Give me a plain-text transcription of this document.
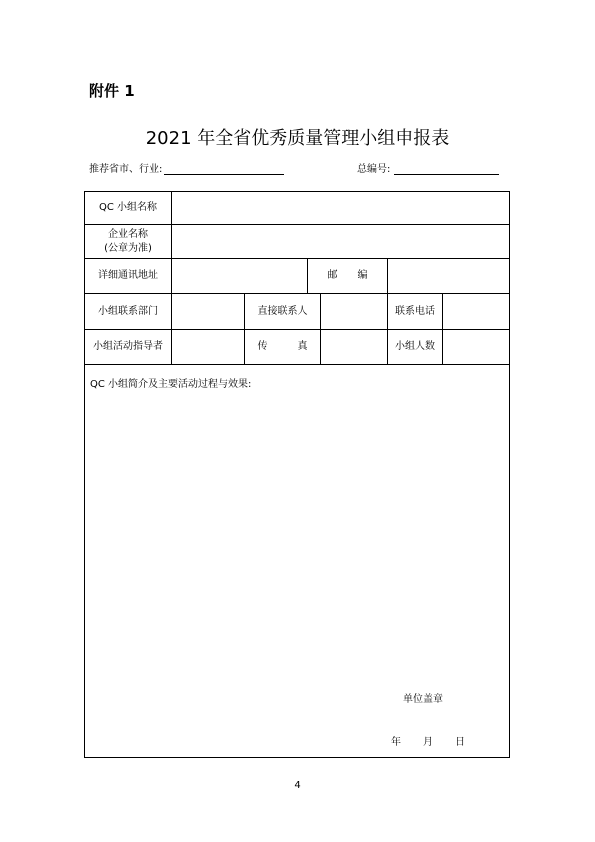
附件 1
2021 年全省优秀质量管理小组申报表
推荐省市、行业:	总编号:
QC 小组名称
企业名称
(公章为准)
详细通讯地址	邮　　编
小组联系部门	直接联系人	联系电话
小组活动指导者	传　　　真	小组人数
QC 小组简介及主要活动过程与效果:
单位盖章
年 月 日
4
